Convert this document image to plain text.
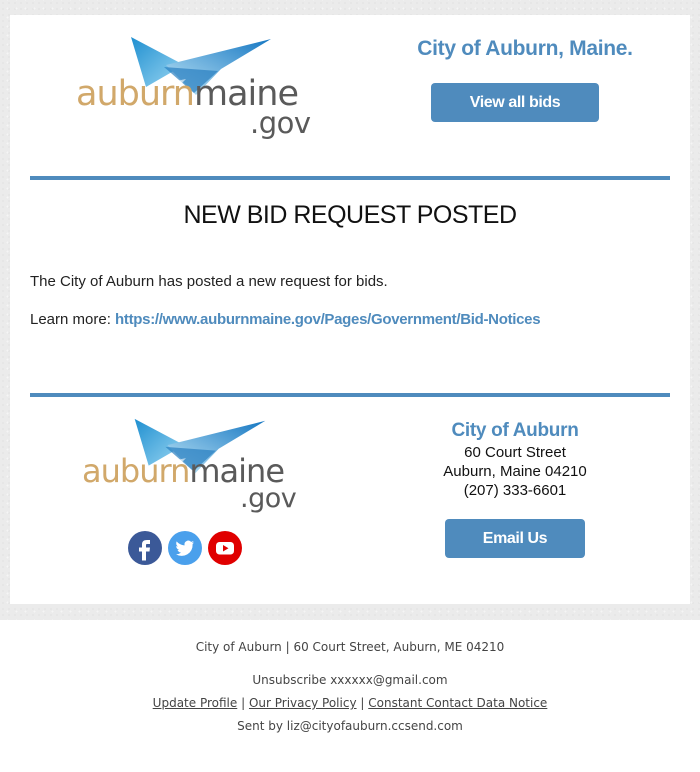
auburnmaine
.gov
City of Auburn, Maine.
View all bids
NEW BID REQUEST POSTED
The City of Auburn has posted a new request for bids.
Learn more: https://www.auburnmaine.gov/Pages/Government/Bid-Notices
auburnmaine
.gov
City of Auburn
60 Court Street
Auburn, Maine 04210
(207) 333-6601
Email Us
City of Auburn | 60 Court Street, Auburn, ME 04210
Unsubscribe xxxxxx@gmail.com
Update Profile | Our Privacy Policy | Constant Contact Data Notice
Sent by liz@cityofauburn.ccsend.com
